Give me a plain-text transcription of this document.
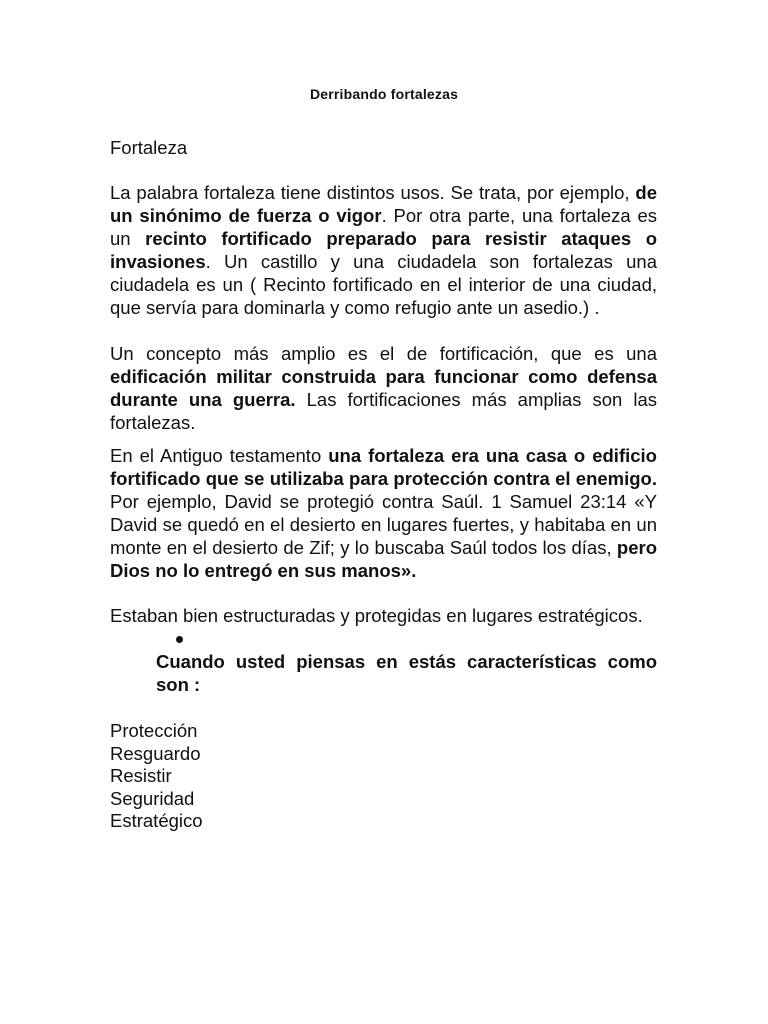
Derribando fortalezas

Fortaleza

La palabra fortaleza tiene distintos usos. Se trata, por ejemplo, de un sinónimo de fuerza o vigor. Por otra parte, una fortaleza es un recinto fortificado preparado para resistir ataques o invasiones. Un castillo y una ciudadela son fortalezas una ciudadela es un ( Recinto fortificado en el interior de una ciudad, que servía para dominarla y como refugio ante un asedio.) .

Un concepto más amplio es el de fortificación, que es una edificación militar construida para funcionar como defensa durante una guerra. Las fortificaciones más amplias son las fortalezas.

En el Antiguo testamento una fortaleza era una casa o edificio fortificado que se utilizaba para protección contra el enemigo. Por ejemplo, David se protegió contra Saúl. 1 Samuel 23:14 «Y David se quedó en el desierto en lugares fuertes, y habitaba en un monte en el desierto de Zif; y lo buscaba Saúl todos los días, pero Dios no lo entregó en sus manos».

Estaban bien estructuradas y protegidas en lugares estratégicos.

Cuando usted piensas en estás características como son :

Protección
Resguardo
Resistir
Seguridad
Estratégico
